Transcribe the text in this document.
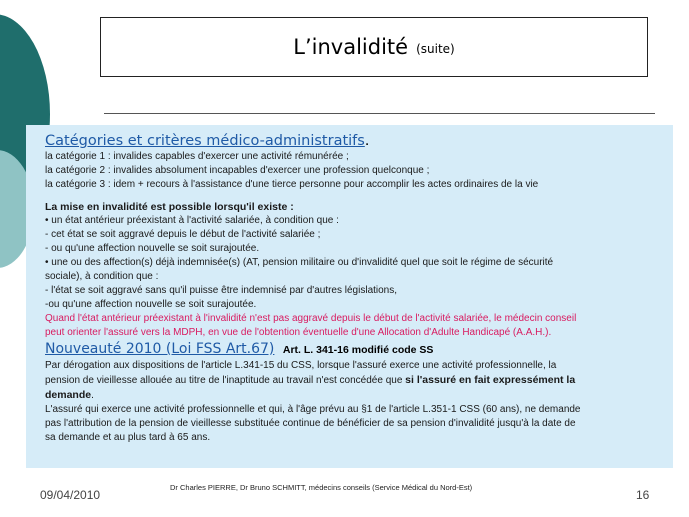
L’invalidité (suite)

Catégories et critères médico-administratifs.

la catégorie 1 : invalides capables d'exercer une activité rémunérée ;

la catégorie 2 : invalides absolument incapables d'exercer une profession quelconque ;

la catégorie 3 : idem + recours à l'assistance d'une tierce personne pour accomplir les actes ordinaires de la vie

La mise en invalidité est possible lorsqu'il existe :

• un état antérieur préexistant à l'activité salariée, à condition que :

- cet état se soit aggravé depuis le début de l'activité salariée ;

- ou qu'une affection nouvelle se soit surajoutée.

• une ou des affection(s) déjà indemnisée(s) (AT, pension militaire ou d'invalidité quel que soit le régime de sécurité

sociale), à condition que :

- l'état se soit aggravé sans qu'il puisse être indemnisé par d'autres législations,

-ou qu'une affection nouvelle se soit surajoutée.

Quand l'état antérieur préexistant à l'invalidité n'est pas aggravé depuis le début de l'activité salariée, le médecin conseil

peut orienter l'assuré vers la MDPH, en vue de l'obtention éventuelle d'une Allocation d'Adulte Handicapé (A.A.H.).

Nouveauté 2010 (Loi FSS Art.67) Art. L. 341-16 modifié code SS

Par dérogation aux dispositions de l'article L.341-15 du CSS, lorsque l'assuré exerce une activité professionnelle, la

pension de vieillesse allouée au titre de l'inaptitude au travail n'est concédée que si l'assuré en fait expressément la

demande.

L'assuré qui exerce une activité professionnelle et qui, à l'âge prévu au §1 de l'article L.351-1 CSS (60 ans), ne demande

pas l'attribution de la pension de vieillesse substituée continue de bénéficier de sa pension d'invalidité jusqu'à la date de

sa demande et au plus tard à 65 ans.

09/04/2010
Dr Charles PIERRE, Dr Bruno SCHMITT, médecins conseils (Service Médical du Nord-Est)
16
